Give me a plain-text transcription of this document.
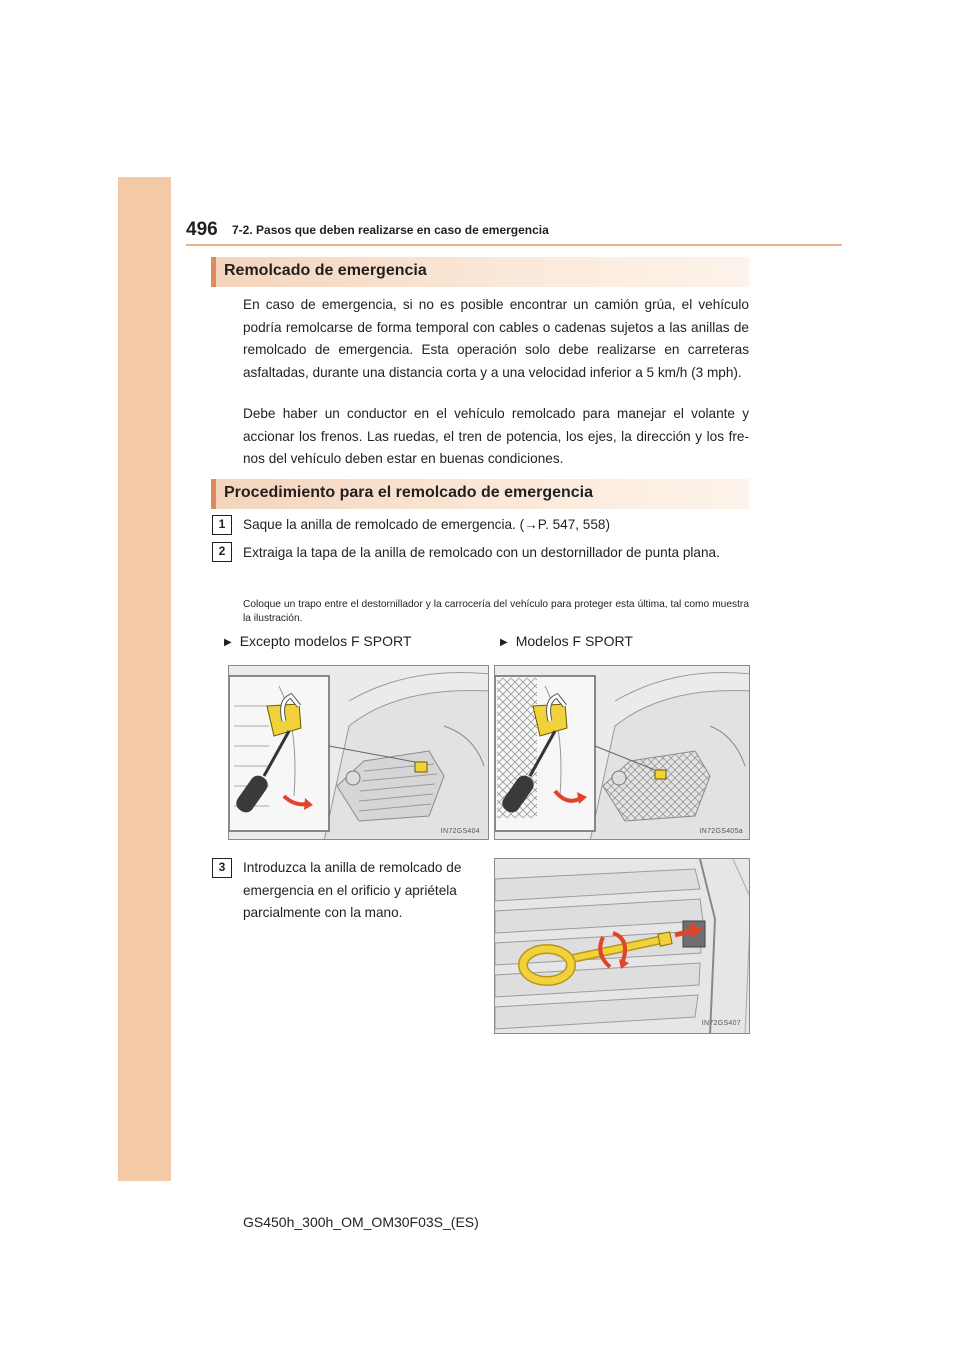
496 7-2. Pasos que deben realizarse en caso de emergencia
Remolcado de emergencia
En caso de emergencia, si no es posible encontrar un camión grúa, el vehículo podría remolcarse de forma temporal con cables o cadenas sujetos a las anillas de remolcado de emergencia. Esta operación solo debe realizarse en carreteras asfaltadas, durante una distancia corta y a una velocidad inferior a 5 km/h (3 mph).
Debe haber un conductor en el vehículo remolcado para manejar el volante y accionar los frenos. Las ruedas, el tren de potencia, los ejes, la dirección y los fre-nos del vehículo deben estar en buenas condiciones.
Procedimiento para el remolcado de emergencia
1	Saque la anilla de remolcado de emergencia. (→P. 547, 558)
2	Extraiga la tapa de la anilla de remolcado con un destornillador de punta plana.
Coloque un trapo entre el destornillador y la carrocería del vehículo para proteger esta última, tal como muestra la ilustración.
▶ Excepto modelos F SPORT	▶ Modelos F SPORT
IN72GS404	IN72GS405a
3	Introduzca la anilla de remolcado de emergencia en el orificio y apriétela parcialmente con la mano.
IN72GS407
GS450h_300h_OM_OM30F03S_(ES)
